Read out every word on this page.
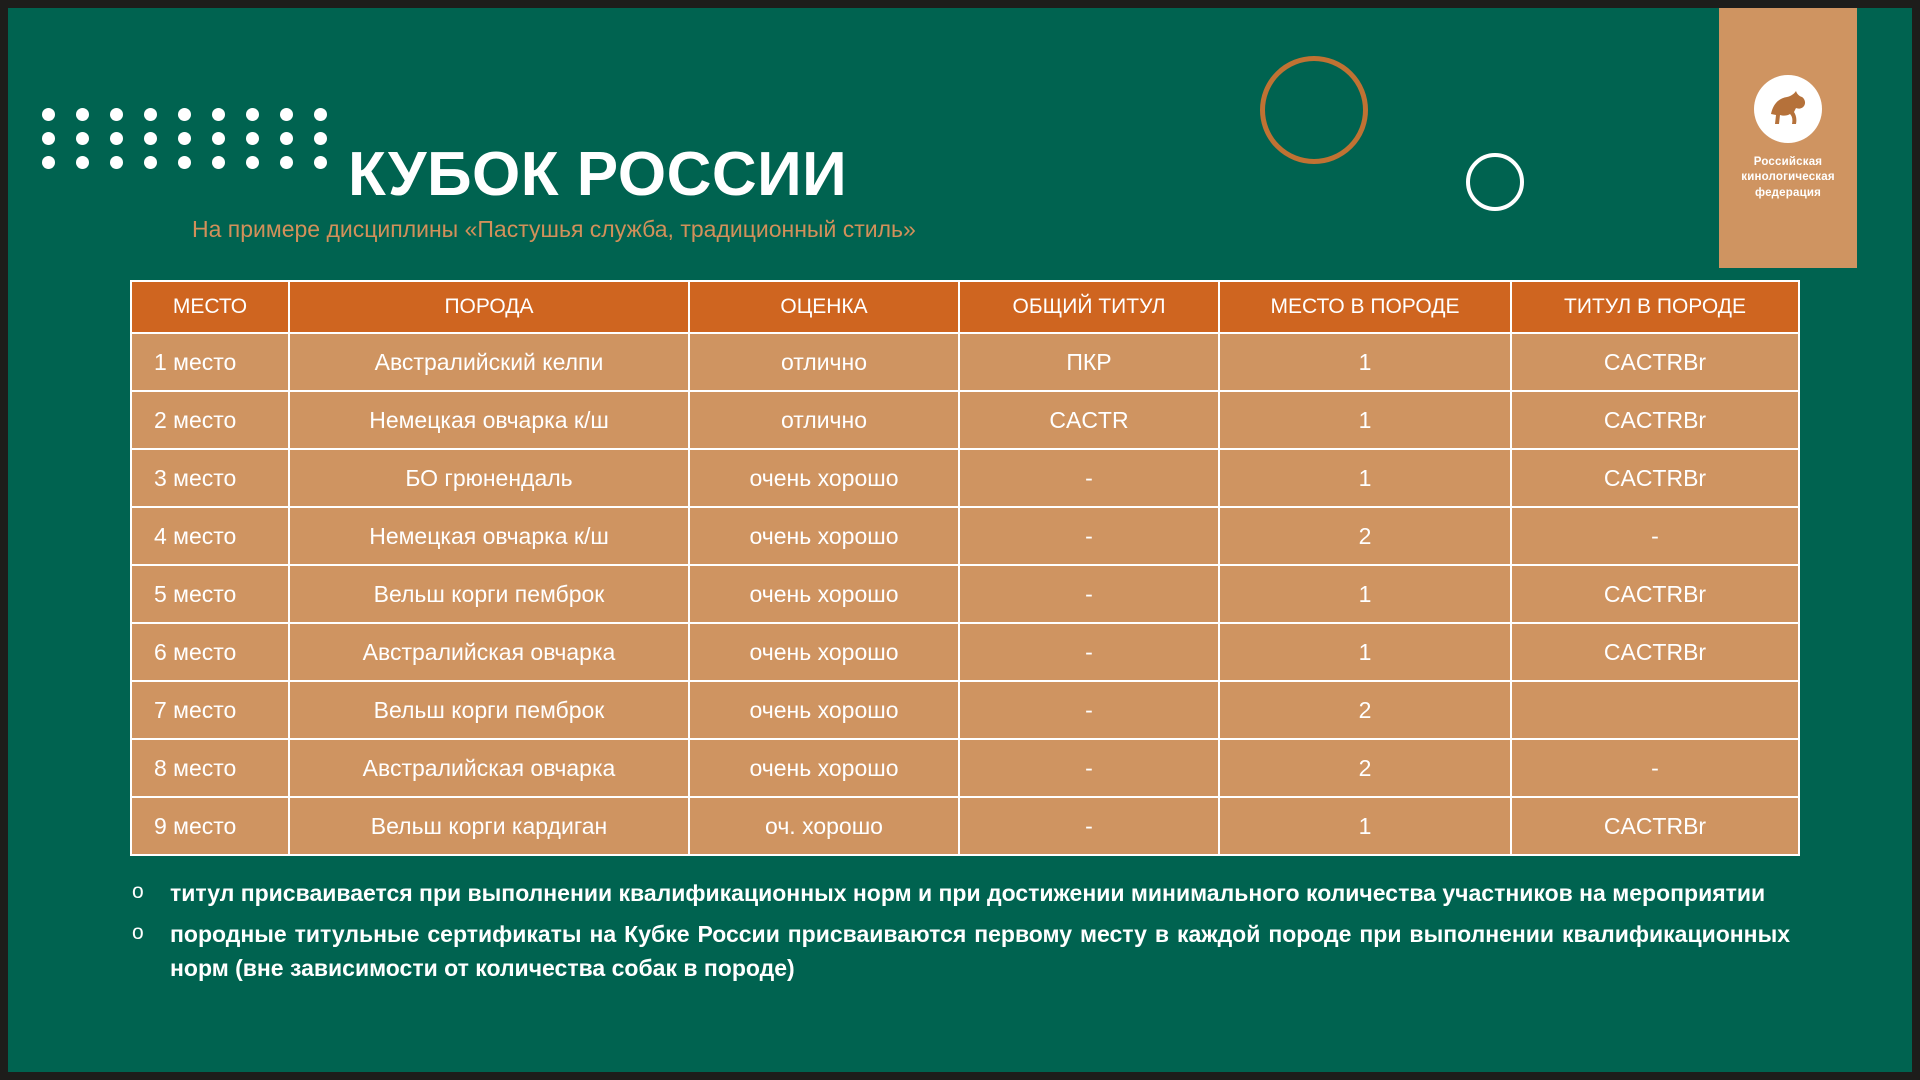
КУБОК РОССИИ
На примере дисциплины «Пастушья служба, традиционный стиль»
Российская
кинологическая
федерация
МЕСТО	ПОРОДА	ОЦЕНКА	ОБЩИЙ ТИТУЛ	МЕСТО В ПОРОДЕ	ТИТУЛ В ПОРОДЕ
1 место	Австралийский келпи	отлично	ПКР	1	CACTRBr
2 место	Немецкая овчарка к/ш	отлично	CACTR	1	CACTRBr
3 место	БО грюнендаль	очень хорошо	-	1	CACTRBr
4 место	Немецкая овчарка к/ш	очень хорошо	-	2	-
5 место	Вельш корги пемброк	очень хорошо	-	1	CACTRBr
6 место	Австралийская овчарка	очень хорошо	-	1	CACTRBr
7 место	Вельш корги пемброк	очень хорошо	-	2	
8 место	Австралийская овчарка	очень хорошо	-	2	-
9 место	Вельш корги кардиган	оч. хорошо	-	1	CACTRBr
o	титул присваивается при выполнении квалификационных норм и при достижении минимального количества участников на мероприятии
o	породные титульные сертификаты на Кубке России присваиваются первому месту в каждой породе при выполнении квалификационных норм (вне зависимости от количества собак в породе)
